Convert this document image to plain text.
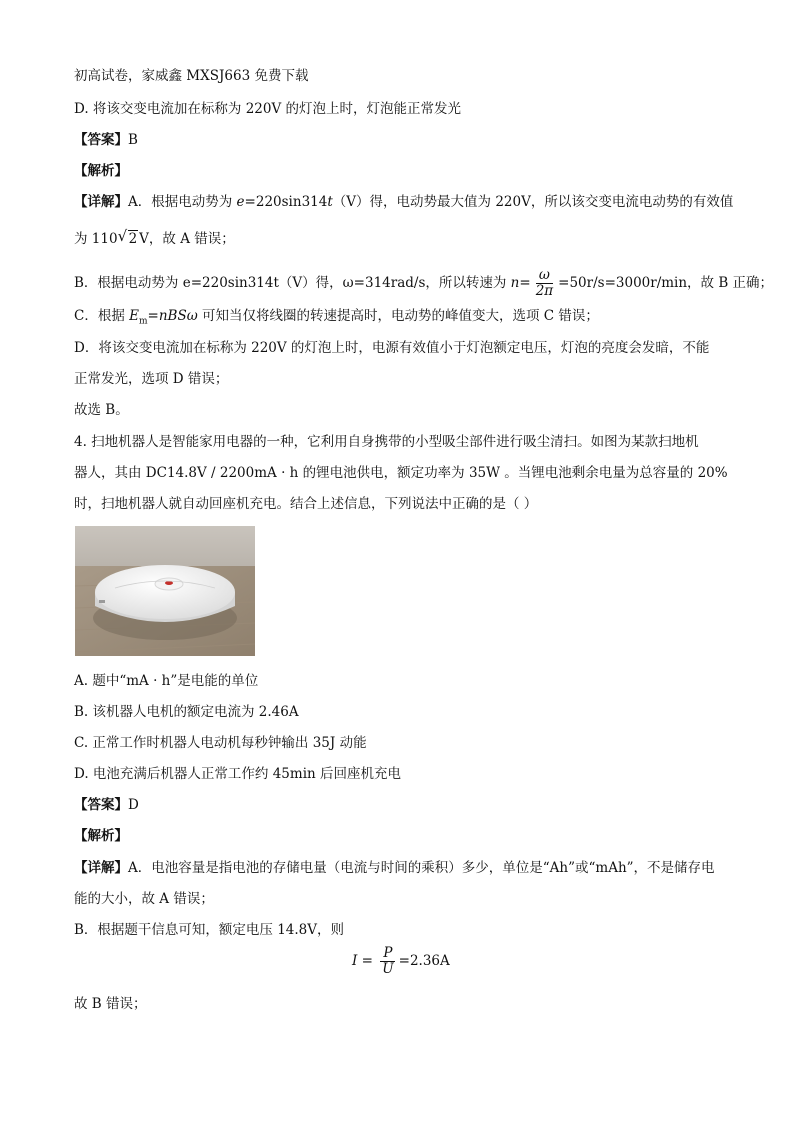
初高试卷，家威鑫 MXSJ663 免费下载
D. 将该交变电流加在标称为 220V 的灯泡上时，灯泡能正常发光
【答案】B
【解析】
【详解】A．根据电动势为 e=220sin314t（V）得，电动势最大值为 220V，所以该交变电流电动势的有效值
为 110 √ 2 V，故 A 错误；
B．根据电动势为 e=220sin314t（V）得，ω=314rad/s，所以转速为 $n= \frac{\omega}{2\pi} =50r/s=3000r/\min$，故 B 正确；
C．根据 $E_m=nBS\omega$ 可知当仅将线圈的转速提高时，电动势的峰值变大，选项 C 错误；
D．将该交变电流加在标称为 220V 的灯泡上时，电源有效值小于灯泡额定电压，灯泡的亮度会发暗，不能
正常发光，选项 D 错误；
故选 B。
4. 扫地机器人是智能家用电器的一种，它利用自身携带的小型吸尘部件进行吸尘清扫。如图为某款扫地机
器人，其由 DC14.8V / 2200mA · h 的锂电池供电，额定功率为 35W 。当锂电池剩余电量为总容量的 20%
时，扫地机器人就自动回座机充电。结合上述信息，下列说法中正确的是（ ）
A. 题中“mA · h”是电能的单位
B. 该机器人电机的额定电流为 2.46A
C. 正常工作时机器人电动机每秒钟输出 35J 动能
D. 电池充满后机器人正常工作约 45min 后回座机充电
【答案】D
【解析】
【详解】A．电池容量是指电池的存储电量（电流与时间的乘积）多少，单位是“Ah”或“mAh”，不是储存电
能的大小，故 A 错误；
B．根据题干信息可知，额定电压 14.8V，则
$I = \frac{P}{U} =2.36A$
故 B 错误；
